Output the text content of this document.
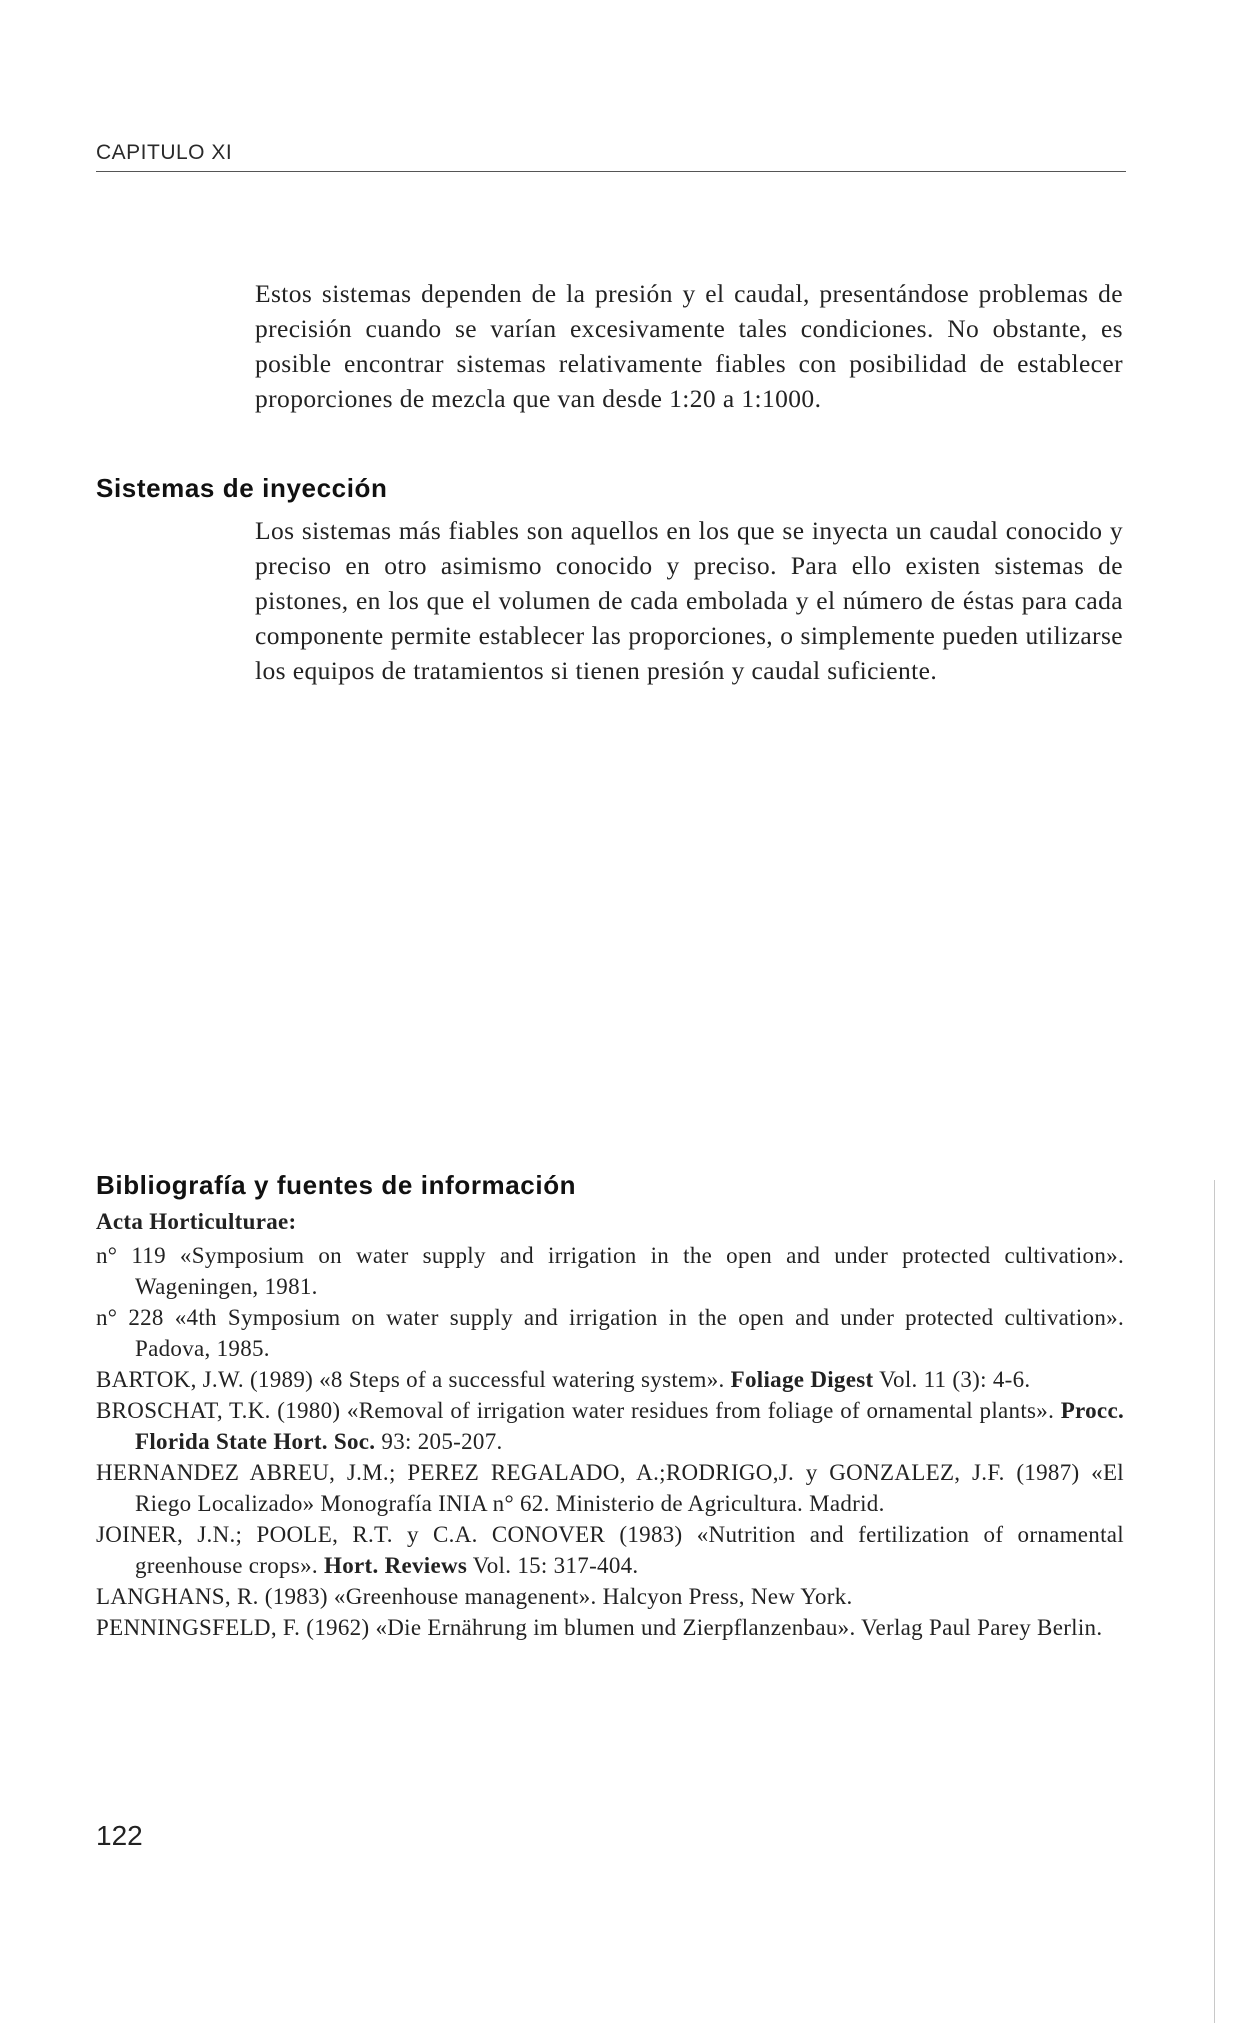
CAPITULO XI

Estos sistemas dependen de la presión y el caudal, presentándose problemas de precisión cuando se varían excesivamente tales condiciones. No obstante, es posible encontrar sistemas relativamente fiables con posibilidad de establecer proporciones de mezcla que van desde 1:20 a 1:1000.

Sistemas de inyección

Los sistemas más fiables son aquellos en los que se inyecta un caudal conocido y preciso en otro asimismo conocido y preciso. Para ello existen sistemas de pistones, en los que el volumen de cada embolada y el número de éstas para cada componente permite establecer las proporciones, o simplemente pueden utilizarse los equipos de tratamientos si tienen presión y caudal suficiente.

Bibliografía y fuentes de información
Acta Horticulturae:
n° 119 «Symposium on water supply and irrigation in the open and under protected cultivation». Wageningen, 1981.
n° 228 «4th Symposium on water supply and irrigation in the open and under protected cultivation». Padova, 1985.
BARTOK, J.W. (1989) «8 Steps of a successful watering system». Foliage Digest Vol. 11 (3): 4-6.
BROSCHAT, T.K. (1980) «Removal of irrigation water residues from foliage of ornamental plants». Procc. Florida State Hort. Soc. 93: 205-207.
HERNANDEZ ABREU, J.M.; PEREZ REGALADO, A.;RODRIGO,J. y GONZALEZ, J.F. (1987) «El Riego Localizado» Monografía INIA n° 62. Ministerio de Agricultura. Madrid.
JOINER, J.N.; POOLE, R.T. y C.A. CONOVER (1983) «Nutrition and fertilization of ornamental greenhouse crops». Hort. Reviews Vol. 15: 317-404.
LANGHANS, R. (1983) «Greenhouse managenent». Halcyon Press, New York.
PENNINGSFELD, F. (1962) «Die Ernährung im blumen und Zierpflanzenbau». Verlag Paul Parey Berlin.
122
